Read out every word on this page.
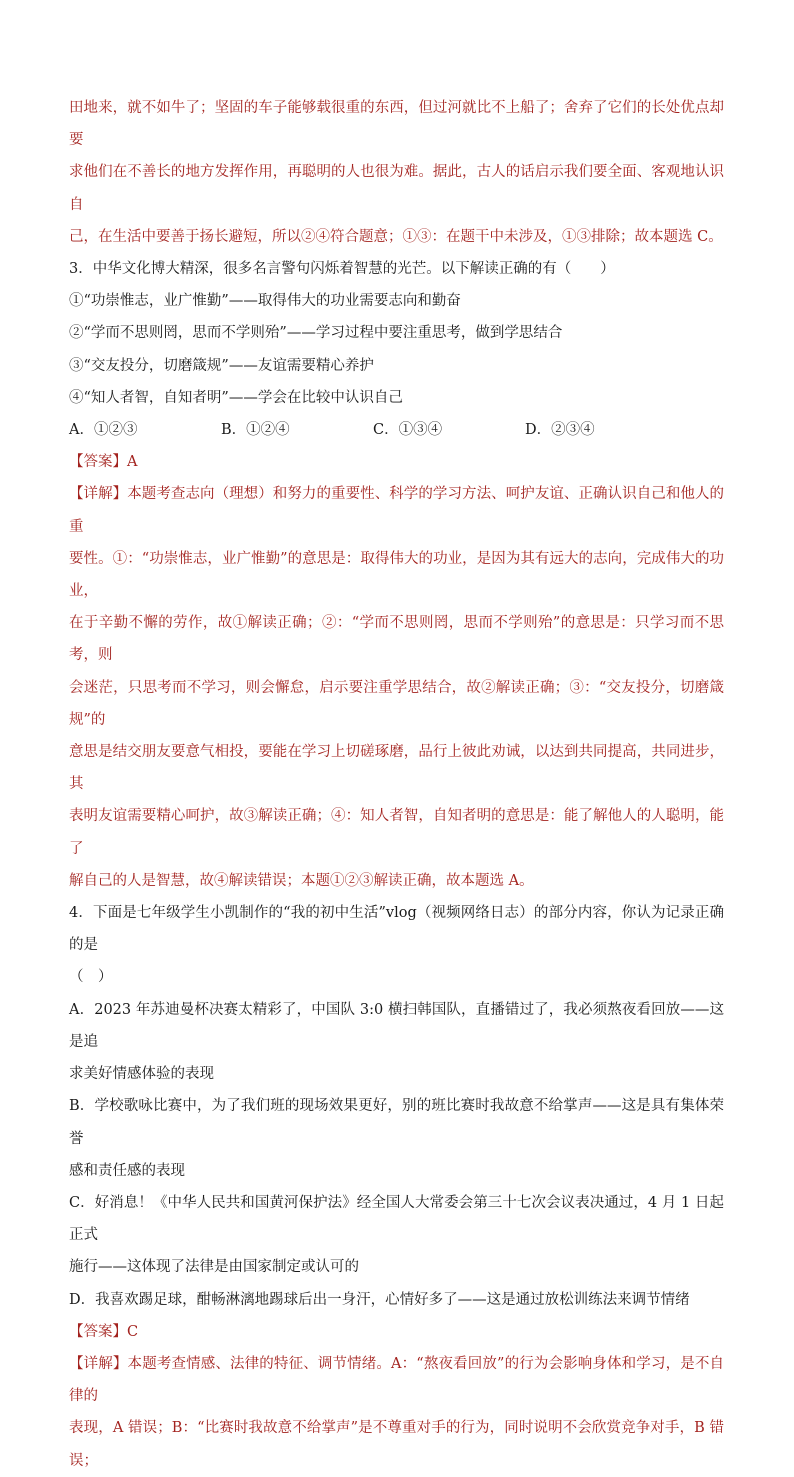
田地来，就不如牛了；坚固的车子能够载很重的东西，但过河就比不上船了；舍弃了它们的长处优点却要

求他们在不善长的地方发挥作用，再聪明的人也很为难。据此，古人的话启示我们要全面、客观地认识自

己，在生活中要善于扬长避短，所以②④符合题意；①③：在题干中未涉及，①③排除；故本题选 C。

3．中华文化博大精深，很多名言警句闪烁着智慧的光芒。以下解读正确的有（　　）

①“功崇惟志，业广惟勤”——取得伟大的功业需要志向和勤奋

②“学而不思则罔，思而不学则殆”——学习过程中要注重思考，做到学思结合

③“交友投分，切磨箴规”——友谊需要精心养护

④“知人者智，自知者明”——学会在比较中认识自己

A．①②③	B．①②④	C．①③④	D．②③④

【答案】A

【详解】本题考查志向（理想）和努力的重要性、科学的学习方法、呵护友谊、正确认识自己和他人的重

要性。①：“功崇惟志，业广惟勤”的意思是：取得伟大的功业，是因为其有远大的志向，完成伟大的功业，

在于辛勤不懈的劳作，故①解读正确；②：“学而不思则罔，思而不学则殆”的意思是：只学习而不思考，则

会迷茫，只思考而不学习，则会懈怠，启示要注重学思结合，故②解读正确；③：“交友投分，切磨箴规”的

意思是结交朋友要意气相投，要能在学习上切磋琢磨，品行上彼此劝诫，以达到共同提高，共同进步，其

表明友谊需要精心呵护，故③解读正确；④：知人者智，自知者明的意思是：能了解他人的人聪明，能了

解自己的人是智慧，故④解读错误；本题①②③解读正确，故本题选 A。

4．下面是七年级学生小凯制作的“我的初中生活”vlog（视频网络日志）的部分内容，你认为记录正确的是

（　）

A．2023 年苏迪曼杯决赛太精彩了，中国队 3:0 横扫韩国队，直播错过了，我必须熬夜看回放——这是追

求美好情感体验的表现

B．学校歌咏比赛中，为了我们班的现场效果更好，别的班比赛时我故意不给掌声——这是具有集体荣誉

感和责任感的表现

C．好消息！《中华人民共和国黄河保护法》经全国人大常委会第三十七次会议表决通过，4 月 1 日起正式

施行——这体现了法律是由国家制定或认可的

D．我喜欢踢足球，酣畅淋漓地踢球后出一身汗，心情好多了——这是通过放松训练法来调节情绪

【答案】C

【详解】本题考查情感、法律的特征、调节情绪。A：“熬夜看回放”的行为会影响身体和学习，是不自律的

表现，A 错误；B：“比赛时我故意不给掌声”是不尊重对手的行为，同时说明不会欣赏竞争对手，B 错误；
